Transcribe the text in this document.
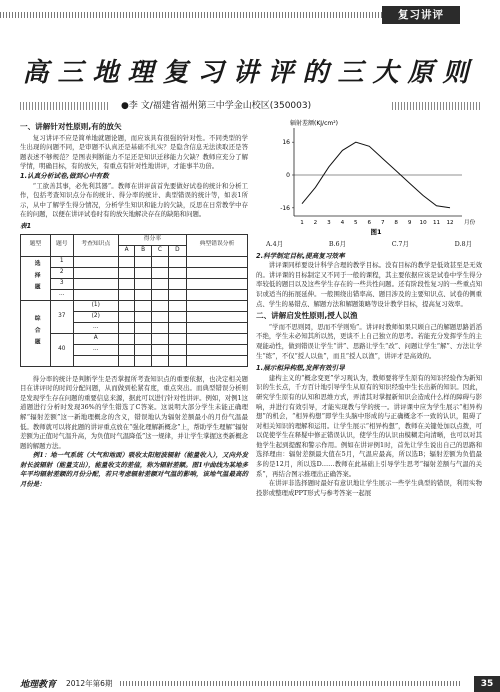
复习讲评
高三地理复习讲评的三大原则
●李 文/福建省福州第三中学金山校区(350003)
一、讲解针对性原则,有的放矢

复习讲评不应是简单地就题论题，而应该具有很强的针对性。不同类型的学生出现的问题不同，是审题不认真还是基础不扎实？是隐含信息无法读取还是答题表述不够规范？是图表判断能力不足还是知识迁移能力欠缺？教师应充分了解学情，明确目标，有的放矢，有重点有针对性地讲评，才能事半功倍。

1.认真分析试卷,做到心中有数

“工欲善其事，必先利其器”。教师在讲评前首先要做好试卷的统计和分析工作，包括考查知识点分布的统计、得分率的统计、典型错误的统计等，如表1所示，从中了解学生得分情况，分析学生知识和能力的欠缺，反思在日常教学中存在的问题，以便在讲评试卷时有的放矢地解决存在的缺陷和问题。

表1
题型	题号	考查知识点	得分率				典型错误分析
			A	B	C	D	
选择题	1						
	2						
	3						
	…						
综合题	37	(1)					
		(2)					
		…					
	40	A					
		…					

得分率的统计是判断学生是否掌握所考查知识点的重要依据，也决定相关题目在讲评时的时间分配问题，从而做到松紧有度，重点突出。而典型错误分析则是发现学生存在问题的重要信息来源，据此可以进行针对性讲评。例如，对例1这道题进行分析时发现36%的学生错选了C答案。这说明大部分学生未能正确理解“辐射差额”这一新地理概念的含义，错误地认为辐射差额最小的月份气温最低。教师就可以将此题的讲评重点放在“强化理解新概念”上，帮助学生理解“辐射差额为正值时气温升高，为负值时气温降低”这一规律，并让学生掌握这类新概念题的解题方法。

例1：地一气系统（大气和地面）吸收太阳短波辐射（能量收入），又向外发射长波辐射（能量支出），能量收支的差值，称为辐射差额。图1中曲线为某地多年平均辐射差额的月份分配，若只考虑辐射差额对气温的影响，该地气温最高的月份是：

辐射差额(KJ/cm²)
16
0
-16
1 2 3 4 5 6 7 8 9 10 11 12 月份
图1
A.4月	B.6月	C.7月	D.8月
2.科学制定目标,提高复习效率

讲评课同样要设计科学合理的教学目标。没有目标的教学是低效甚至是无效的。讲评课的目标制定又不同于一般的课程，其主要依据应该是试卷中学生得分率较低的题目以及这些学生存在的一些共性问题。还有阶段性复习的一些重点知识或适当的拓展延伸。一般围绕出错率高、题目涉及的主要知识点、试卷的侧重点、学生的易错点、解题方法和解题策略等设计教学目标，提高复习效率。

二、讲解启发性原则,授人以渔

“学而不思则罔，思而不学则殆”。讲评时教师如果只顾自己的解题思路滔滔不绝，学生未必知其所以然，更谈不上自己独立的思考。若能充分发挥学生的主观能动性，做到错误让学生“讲”、思路让学生“改”、问题让学生“解”、方法让学生“练”，不仅“授人以鱼”，而且“授人以渔”，讲评才是高效的。

1.展示相异构想,发挥有效引导

建构主义的“概念变更”学习观认为，教师要将学生原有的知识经验作为新知识的生长点，千方百计地引导学生从原有的知识经验中生长出新的知识。因此，研究学生原有的认知和思维方式，弄清其对掌握新知识会造成什么样的障碍与影响，并进行有效引导，才能实现教与学的统一。讲评课中应为学生展示“相异构想”的机会，“相异构想”即学生头脑中形成的与正确概念不一致的认识，阻碍了对相关知识的理解和运用。让学生展示“相异构想”，教师在关键处加以点拨，可以促使学生在释疑中修正错误认识，使学生的认识由模糊走向清晰，也可以对其他学生起到提醒和警示作用。例如在讲评例1时，首先让学生说出自己的思路和选择理由：辐射差额最大值在5月，气温应最高，所以选B；辐射差额为负值最多的是12月，所以选D……教师在此基础上引导学生思考“辐射差额与气温的关系”，再结合图示推理出正确答案。

在讲评非选择题时最好有意识地让学生展示一些学生典型的错误，利用实物投影或整理成PPT形式与参考答案一起展

地理教育 2012年第6期	35
